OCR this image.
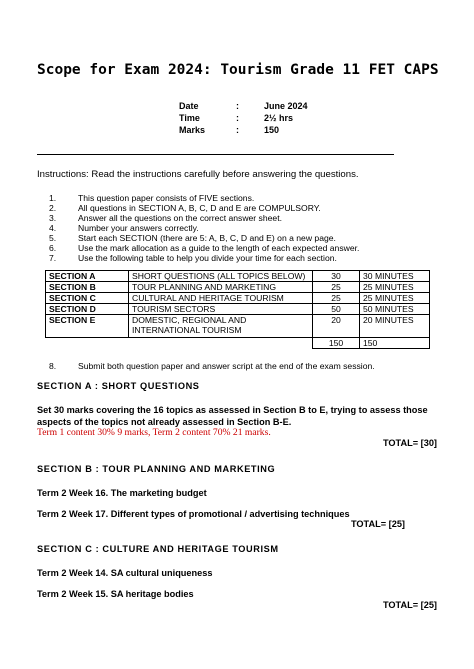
Scope for Exam 2024: Tourism Grade 11 FET CAPS
Date	:	June 2024
Time	:	2½ hrs
Marks	:	150
Instructions: Read the instructions carefully before answering the questions.
1.	This question paper consists of FIVE sections.
2.	All questions in SECTION A, B, C, D and E are COMPULSORY.
3.	Answer all the questions on the correct answer sheet.
4.	Number your answers correctly.
5.	Start each SECTION (there are 5: A, B, C, D and E) on a new page.
6.	Use the mark allocation as a guide to the length of each expected answer.
7.	Use the following table to help you divide your time for each section.
SECTION A	SHORT QUESTIONS (ALL TOPICS BELOW)	30	30 MINUTES
SECTION B	TOUR PLANNING AND MARKETING	25	25 MINUTES
SECTION C	CULTURAL AND HERITAGE TOURISM	25	25 MINUTES
SECTION D	TOURISM SECTORS	50	50 MINUTES
SECTION E	DOMESTIC, REGIONAL AND INTERNATIONAL TOURISM	20	20 MINUTES
		150	150
8.	Submit both question paper and answer script at the end of the exam session.
SECTION A : SHORT QUESTIONS
Set 30 marks covering the 16 topics as assessed in Section B to E, trying to assess those aspects of the topics not already assessed in Section B-E.
Term 1 content 30% 9 marks, Term 2 content 70% 21 marks.
TOTAL= [30]
SECTION B : TOUR PLANNING AND MARKETING
Term 2 Week 16. The marketing budget
Term 2 Week 17. Different types of promotional / advertising techniques
TOTAL= [25]
SECTION C : CULTURE AND HERITAGE TOURISM
Term 2 Week 14. SA cultural uniqueness
Term 2 Week 15. SA heritage bodies
TOTAL= [25]
